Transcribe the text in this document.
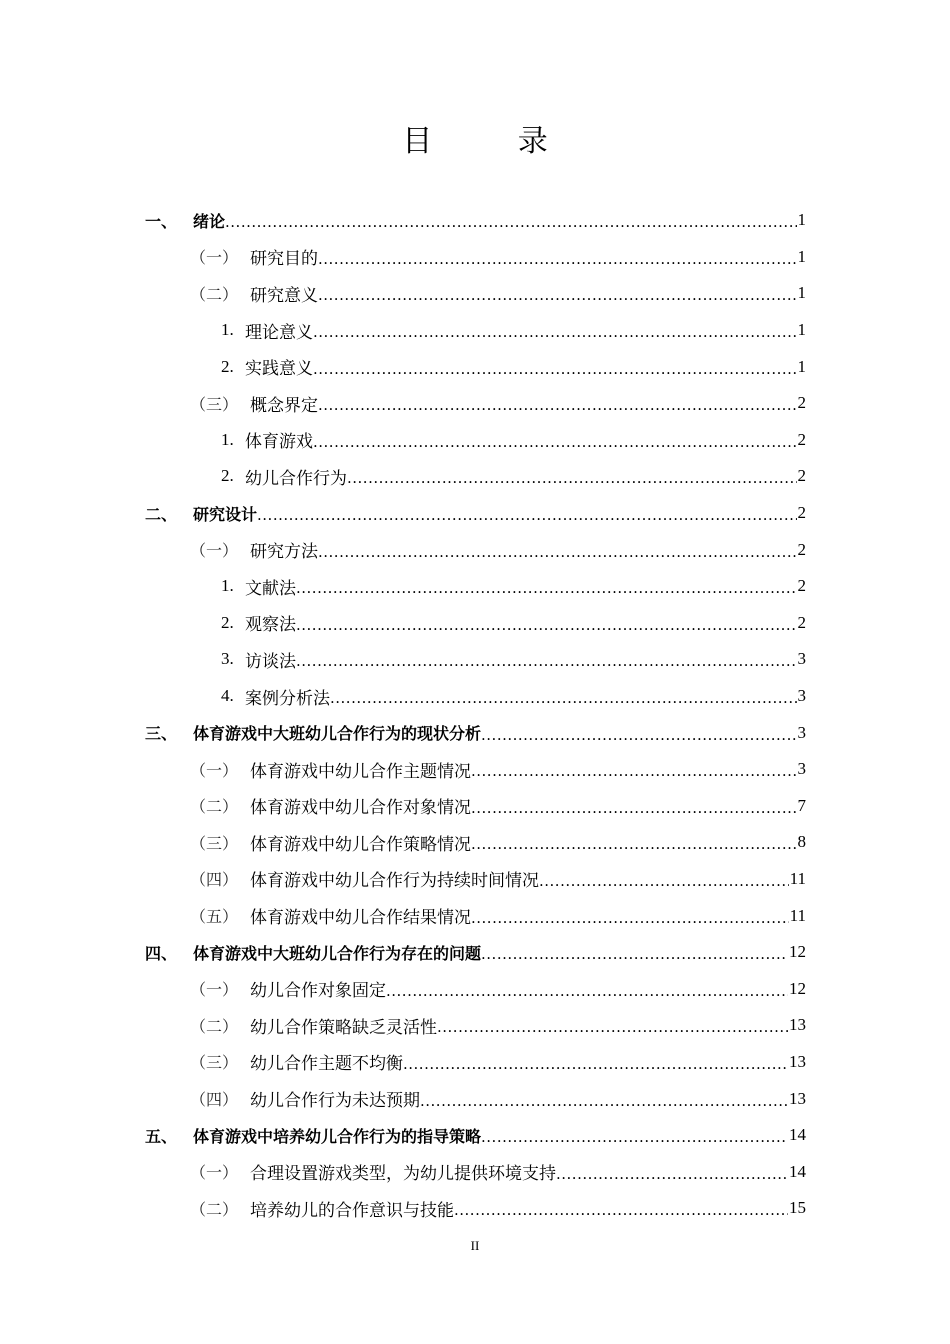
目 录
一、 绪论 .....	1
（一） 研究目的 .....	1
（二） 研究意义 .....	1
1. 理论意义 .....	1
2. 实践意义 .....	1
（三） 概念界定 .....	2
1. 体育游戏 .....	2
2. 幼儿合作行为 .....	2
二、 研究设计 .....	2
（一） 研究方法 .....	2
1. 文献法 .....	2
2. 观察法 .....	2
3. 访谈法 .....	3
4. 案例分析法 .....	3
三、 体育游戏中大班幼儿合作行为的现状分析 .....	3
（一） 体育游戏中幼儿合作主题情况 .....	3
（二） 体育游戏中幼儿合作对象情况 .....	7
（三） 体育游戏中幼儿合作策略情况 .....	8
（四） 体育游戏中幼儿合作行为持续时间情况 .....	11
（五） 体育游戏中幼儿合作结果情况 .....	11
四、 体育游戏中大班幼儿合作行为存在的问题 .....	12
（一） 幼儿合作对象固定 .....	12
（二） 幼儿合作策略缺乏灵活性 .....	13
（三） 幼儿合作主题不均衡 .....	13
（四） 幼儿合作行为未达预期 .....	13
五、 体育游戏中培养幼儿合作行为的指导策略 .....	14
（一） 合理设置游戏类型，为幼儿提供环境支持 .....	14
（二） 培养幼儿的合作意识与技能 .....	15
II
